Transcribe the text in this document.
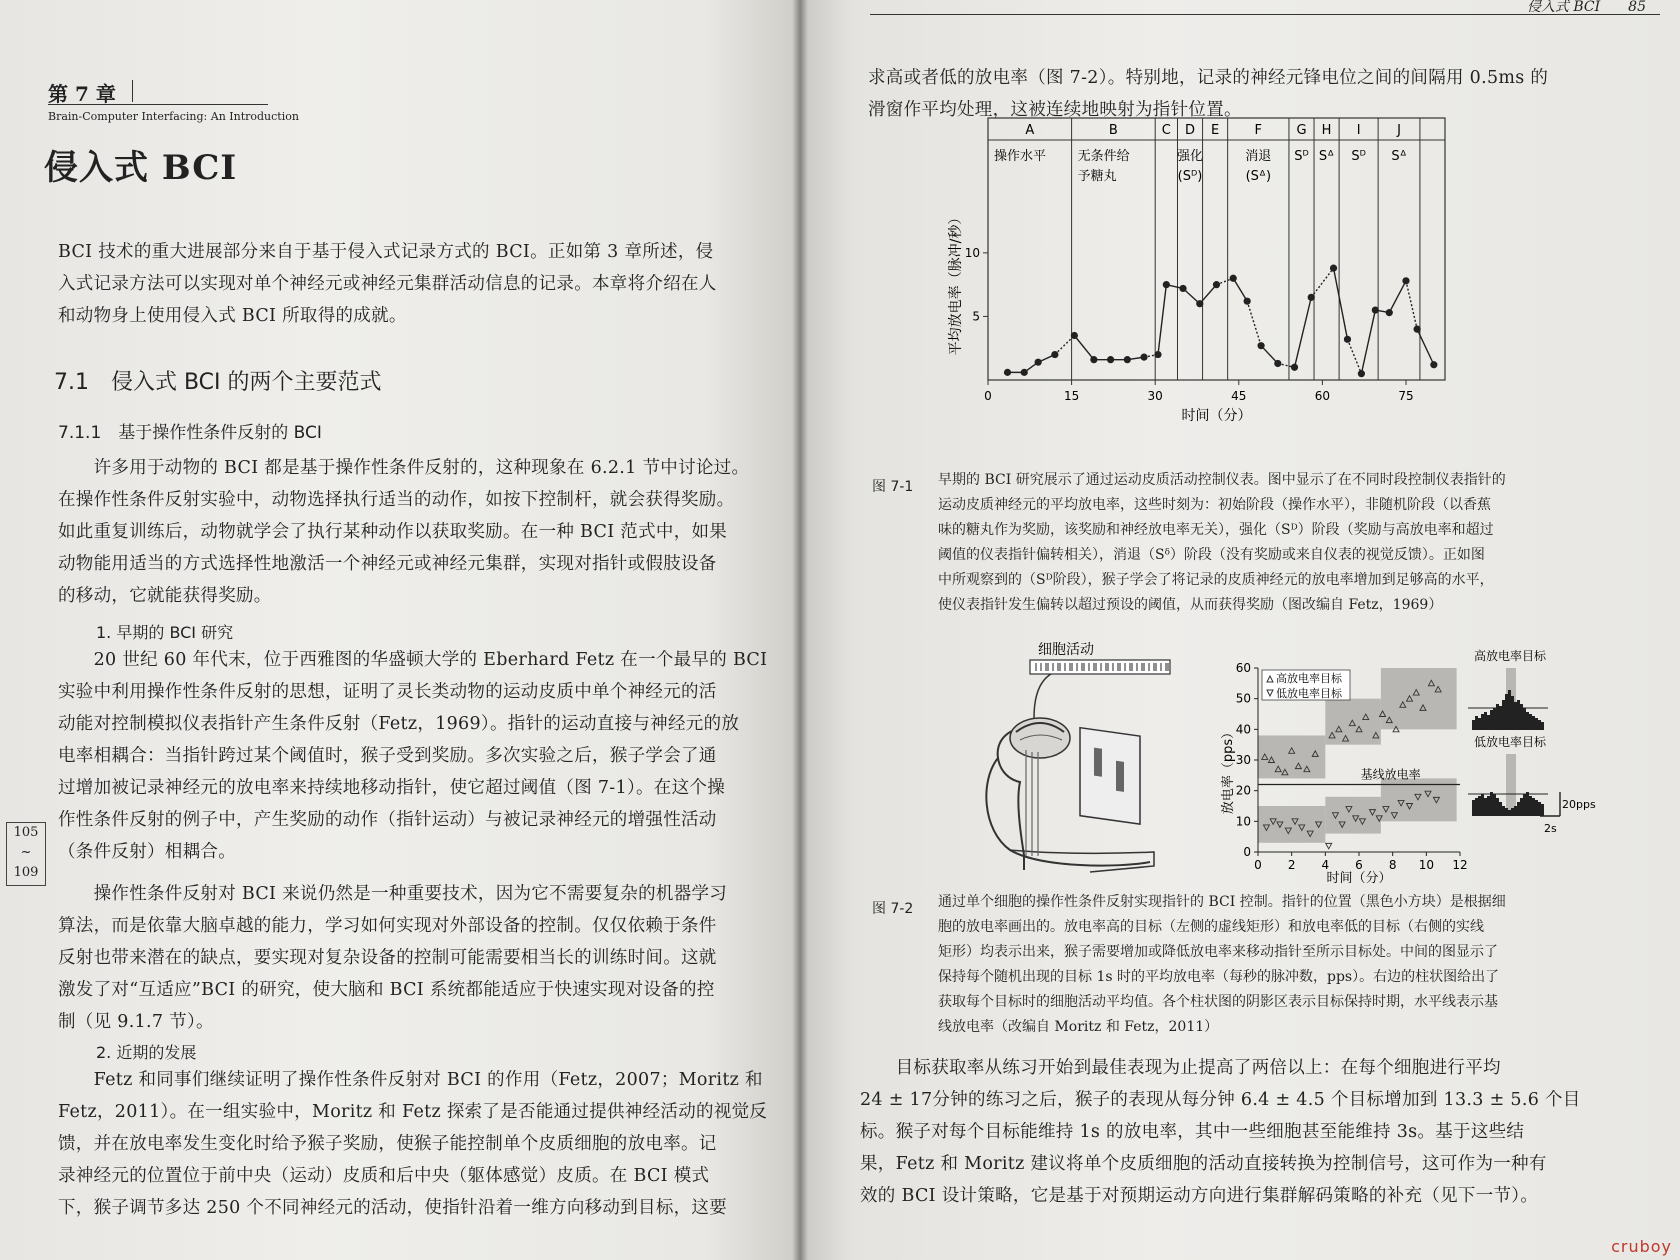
第 7 章
Brain-Computer Interfacing: An Introduction
侵入式 BCI
BCI 技术的重大进展部分来自于基于侵入式记录方式的 BCI。正如第 3 章所述，侵
入式记录方法可以实现对单个神经元或神经元集群活动信息的记录。本章将介绍在人
和动物身上使用侵入式 BCI 所取得的成就。
7.1　侵入式 BCI 的两个主要范式
7.1.1　基于操作性条件反射的 BCI
　　许多用于动物的 BCI 都是基于操作性条件反射的，这种现象在 6.2.1 节中讨论过。
在操作性条件反射实验中，动物选择执行适当的动作，如按下控制杆，就会获得奖励。
如此重复训练后，动物就学会了执行某种动作以获取奖励。在一种 BCI 范式中，如果
动物能用适当的方式选择性地激活一个神经元或神经元集群，实现对指针或假肢设备
的移动，它就能获得奖励。
1. 早期的 BCI 研究
　　20 世纪 60 年代末，位于西雅图的华盛顿大学的 Eberhard Fetz 在一个最早的 BCI
实验中利用操作性条件反射的思想，证明了灵长类动物的运动皮质中单个神经元的活
动能对控制模拟仪表指针产生条件反射（Fetz，1969）。指针的运动直接与神经元的放
电率相耦合：当指针跨过某个阈值时，猴子受到奖励。多次实验之后，猴子学会了通
过增加被记录神经元的放电率来持续地移动指针，使它超过阈值（图 7-1）。在这个操
作性条件反射的例子中，产生奖励的动作（指针运动）与被记录神经元的增强性活动
（条件反射）相耦合。
105
~
109
　　操作性条件反射对 BCI 来说仍然是一种重要技术，因为它不需要复杂的机器学习
算法，而是依靠大脑卓越的能力，学习如何实现对外部设备的控制。仅仅依赖于条件
反射也带来潜在的缺点，要实现对复杂设备的控制可能需要相当长的训练时间。这就
激发了对“互适应”BCI 的研究，使大脑和 BCI 系统都能适应于快速实现对设备的控
制（见 9.1.7 节）。
2. 近期的发展
　　Fetz 和同事们继续证明了操作性条件反射对 BCI 的作用（Fetz，2007；Moritz 和
Fetz，2011）。在一组实验中，Moritz 和 Fetz 探索了是否能通过提供神经活动的视觉反
馈，并在放电率发生变化时给予猴子奖励，使猴子能控制单个皮质细胞的放电率。记
录神经元的位置位于前中央（运动）皮质和后中央（躯体感觉）皮质。在 BCI 模式
下，猴子调节多达 250 个不同神经元的活动，使指针沿着一维方向移动到目标，这要
侵入式 BCI　　85
求高或者低的放电率（图 7-2）。特别地，记录的神经元锋电位之间的间隔用 0.5ms 的
滑窗作平均处理，这被连续地映射为指针位置。
A
操作水平
B
无条件给
予糖丸
C D
强化
(Sᴰ)
E	F
消退
(Sᐞ)
G
Sᴰ
H
Sᐞ
I
Sᴰ
J
Sᐞ
0	15	30	45	60	75
5
10
时间（分）
平均放电率（脉冲/秒）
图 7-1 早期的 BCI 研究展示了通过运动皮质活动控制仪表。图中显示了在不同时段控制仪表指针的
运动皮质神经元的平均放电率，这些时刻为：初始阶段（操作水平），非随机阶段（以香蕉
味的糖丸作为奖励，该奖励和神经放电率无关），强化（Sᴰ）阶段（奖励与高放电率和超过
阈值的仪表指针偏转相关），消退（Sᵟ）阶段（没有奖励或来自仪表的视觉反馈）。正如图
中所观察到的（Sᴰ阶段），猴子学会了将记录的皮质神经元的放电率增加到足够高的水平，
使仪表指针发生偏转以超过预设的阈值，从而获得奖励（图改编自 Fetz，1969）
细胞活动
基线放电率
0 2 4 6 8 10 12
0
10
20
30
40
50
60
时间（分）
放电率（pps）
高放电率目标
低放电率目标
高放电率目标
低放电率目标
20pps
2s
图 7-2 通过单个细胞的操作性条件反射实现指针的 BCI 控制。指针的位置（黑色小方块）是根据细
胞的放电率画出的。放电率高的目标（左侧的虚线矩形）和放电率低的目标（右侧的实线
矩形）均表示出来，猴子需要增加或降低放电率来移动指针至所示目标处。中间的图显示了
保持每个随机出现的目标 1s 时的平均放电率（每秒的脉冲数，pps）。右边的柱状图给出了
获取每个目标时的细胞活动平均值。各个柱状图的阴影区表示目标保持时期，水平线表示基
线放电率（改编自 Moritz 和 Fetz，2011）
　　目标获取率从练习开始到最佳表现为止提高了两倍以上：在每个细胞进行平均
24 ± 17分钟的练习之后，猴子的表现从每分钟 6.4 ± 4.5 个目标增加到 13.3 ± 5.6 个目
标。猴子对每个目标能维持 1s 的放电率，其中一些细胞甚至能维持 3s。基于这些结
果，Fetz 和 Moritz 建议将单个皮质细胞的活动直接转换为控制信号，这可作为一种有
效的 BCI 设计策略，它是基于对预期运动方向进行集群解码策略的补充（见下一节）。
cruboy
